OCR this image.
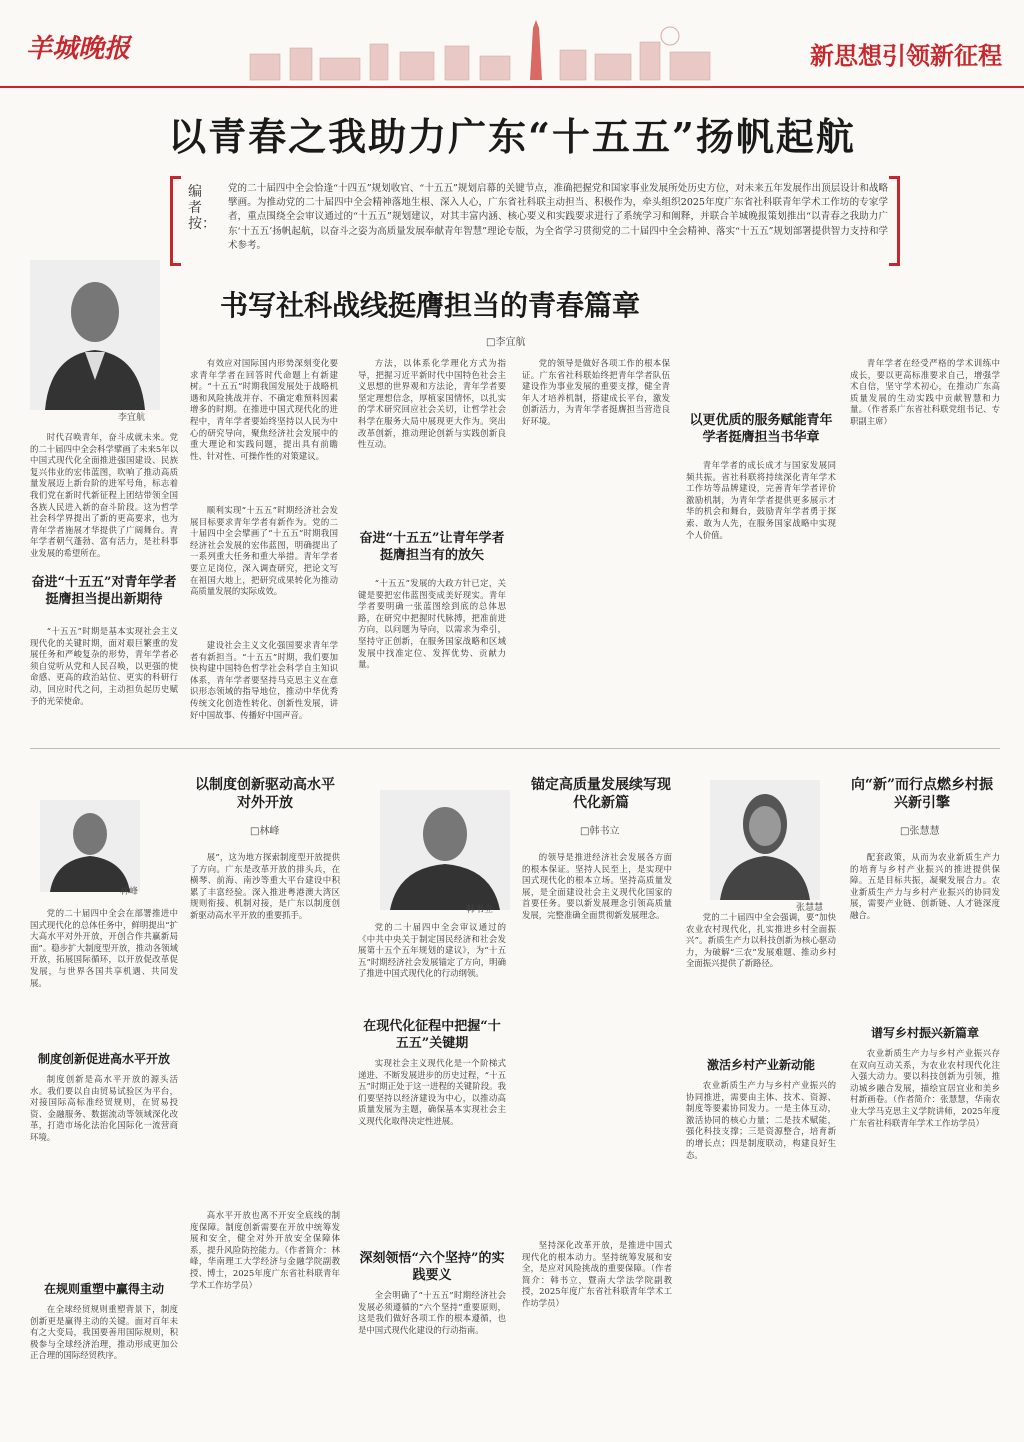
羊城晚报	新思想引领新征程
以青春之我助力广东“十五五”扬帆起航
编者按：
党的二十届四中全会恰逢“十四五”规划收官、“十五五”规划启幕的关键节点，准确把握党和国家事业发展所处历史方位，对未来五年发展作出顶层设计和战略擘画。为推动党的二十届四中全会精神落地生根、深入人心，广东省社科联主动担当、积极作为，牵头组织2025年度广东省社科联青年学术工作坊的专家学者，重点围绕全会审议通过的“十五五”规划建议，对其丰富内涵、核心要义和实践要求进行了系统学习和阐释，并联合羊城晚报策划推出“以青春之我助力广东‘十五五’扬帆起航，以奋斗之姿为高质量发展奉献青年智慧”理论专版，为全省学习贯彻党的二十届四中全会精神、落实“十五五”规划部署提供智力支持和学术参考。
李宜航
书写社科战线挺膺担当的青春篇章
□李宜航

时代召唤青年，奋斗成就未来。党的二十届四中全会科学擘画了未来5年以中国式现代化全面推进强国建设、民族复兴伟业的宏伟蓝图，吹响了推动高质量发展迈上新台阶的进军号角，标志着我们党在新时代新征程上团结带领全国各族人民进入新的奋斗阶段。这为哲学社会科学界提出了新的更高要求，也为青年学者施展才华提供了广阔舞台。青年学者朝气蓬勃、富有活力，是社科事业发展的希望所在。

奋进“十五五”对青年学者挺膺担当提出新期待

“十五五”时期是基本实现社会主义现代化的关键时期，面对艰巨繁重的发展任务和严峻复杂的形势，青年学者必须自觉听从党和人民召唤，以更强的使命感、更高的政治站位、更实的科研行动，回应时代之问，主动担负起历史赋予的光荣使命。

有效应对国际国内形势深刻变化要求青年学者在回答时代命题上有新建树。“十五五”时期我国发展处于战略机遇和风险挑战并存、不确定难预料因素增多的时期。在推进中国式现代化的进程中，青年学者要始终坚持以人民为中心的研究导向，聚焦经济社会发展中的重大理论和实践问题，提出具有前瞻性、针对性、可操作性的对策建议。

顺利实现“十五五”时期经济社会发展目标要求青年学者有新作为。党的二十届四中全会擘画了“十五五”时期我国经济社会发展的宏伟蓝图，明确提出了一系列重大任务和重大举措。青年学者要立足岗位，深入调查研究，把论文写在祖国大地上，把研究成果转化为推动高质量发展的实际成效。

建设社会主义文化强国要求青年学者有新担当。“十五五”时期，我们要加快构建中国特色哲学社会科学自主知识体系，青年学者要坚持马克思主义在意识形态领域的指导地位，推动中华优秀传统文化创造性转化、创新性发展，讲好中国故事、传播好中国声音。

方法，以体系化学理化方式为指导，把握习近平新时代中国特色社会主义思想的世界观和方法论，青年学者要坚定理想信念，厚植家国情怀，以扎实的学术研究回应社会关切，让哲学社会科学在服务大局中展现更大作为。突出改革创新，推动理论创新与实践创新良性互动。

奋进“十五五”让青年学者挺膺担当有的放矢

“十五五”发展的大政方针已定，关键是要把宏伟蓝图变成美好现实。青年学者要明确一张蓝图绘到底的总体思路，在研究中把握时代脉搏，把准前进方向，以问题为导向，以需求为牵引，坚持守正创新，在服务国家战略和区域发展中找准定位、发挥优势、贡献力量。

党的领导是做好各项工作的根本保证。广东省社科联始终把青年学者队伍建设作为事业发展的重要支撑，健全青年人才培养机制，搭建成长平台，激发创新活力，为青年学者挺膺担当营造良好环境。	以更优质的服务赋能青年学者挺膺担当书华章

青年学者的成长成才与国家发展同频共振。省社科联将持续深化青年学术工作坊等品牌建设，完善青年学者评价激励机制，为青年学者提供更多展示才华的机会和舞台，鼓励青年学者勇于探索、敢为人先，在服务国家战略中实现个人价值。

青年学者在经受严格的学术训练中成长，要以更高标准要求自己，增强学术自信，坚守学术初心，在推动广东高质量发展的生动实践中贡献智慧和力量。（作者系广东省社科联党组书记、专职副主席）

林峰
以制度创新驱动高水平对外开放
□林峰

党的二十届四中全会在部署推进中国式现代化的总体任务中，鲜明提出“扩大高水平对外开放，开创合作共赢新局面”。稳步扩大制度型开放，推动各领域开放，拓展国际循环，以开放促改革促发展，与世界各国共享机遇、共同发展。

制度创新促进高水平开放

制度创新是高水平开放的源头活水。我们要以自由贸易试验区为平台，对接国际高标准经贸规则，在贸易投资、金融服务、数据流动等领域深化改革，打造市场化法治化国际化一流营商环境。

在规则重塑中赢得主动

在全球经贸规则重塑背景下，制度创新更是赢得主动的关键。面对百年未有之大变局，我国要善用国际规则，积极参与全球经济治理，推动形成更加公正合理的国际经贸秩序。

展”，这为地方探索制度型开放提供了方向。广东是改革开放的排头兵，在横琴、前海、南沙等重大平台建设中积累了丰富经验。深入推进粤港澳大湾区规则衔接、机制对接，是广东以制度创新驱动高水平开放的重要抓手。

高水平开放也离不开安全底线的制度保障。制度创新需要在开放中统筹发展和安全，健全对外开放安全保障体系，提升风险防控能力。（作者简介：林峰，华南理工大学经济与金融学院副教授、博士，2025年度广东省社科联青年学术工作坊学员）

韩书立
锚定高质量发展续写现代化新篇
□韩书立

党的二十届四中全会审议通过的《中共中央关于制定国民经济和社会发展第十五个五年规划的建议》，为“十五五”时期经济社会发展锚定了方向，明确了推进中国式现代化的行动纲领。

在现代化征程中把握“十五五”关键期

实现社会主义现代化是一个阶梯式递进、不断发展进步的历史过程，“十五五”时期正处于这一进程的关键阶段。我们要坚持以经济建设为中心，以推动高质量发展为主题，确保基本实现社会主义现代化取得决定性进展。

深刻领悟“六个坚持”的实践要义

全会明确了“十五五”时期经济社会发展必须遵循的“六个坚持”重要原则，这是我们做好各项工作的根本遵循，也是中国式现代化建设的行动指南。

的领导是推进经济社会发展各方面的根本保证。坚持人民至上，是实现中国式现代化的根本立场。坚持高质量发展，是全面建设社会主义现代化国家的首要任务。要以新发展理念引领高质量发展，完整准确全面贯彻新发展理念。

坚持深化改革开放，是推进中国式现代化的根本动力。坚持统筹发展和安全，是应对风险挑战的重要保障。（作者简介：韩书立，暨南大学法学院副教授，2025年度广东省社科联青年学术工作坊学员）

张慧慧
向“新”而行点燃乡村振兴新引擎
□张慧慧

党的二十届四中全会强调，要“加快农业农村现代化，扎实推进乡村全面振兴”。新质生产力以科技创新为核心驱动力，为破解“三农”发展难题、推动乡村全面振兴提供了新路径。

激活乡村产业新动能

农业新质生产力与乡村产业振兴的协同推进，需要由主体、技术、资源、制度等要素协同发力。一是主体互动，激活协同的核心力量；二是技术赋能，强化科技支撑；三是资源整合，培育新的增长点；四是制度联动，构建良好生态。

配套政策，从而为农业新质生产力的培育与乡村产业振兴的推进提供保障。五是目标共振，凝聚发展合力。农业新质生产力与乡村产业振兴的协同发展，需要产业链、创新链、人才链深度融合。

谱写乡村振兴新篇章

农业新质生产力与乡村产业振兴存在双向互动关系，为农业农村现代化注入强大动力。要以科技创新为引领，推动城乡融合发展，描绘宜居宜业和美乡村新画卷。（作者简介：张慧慧，华南农业大学马克思主义学院讲师，2025年度广东省社科联青年学术工作坊学员）
